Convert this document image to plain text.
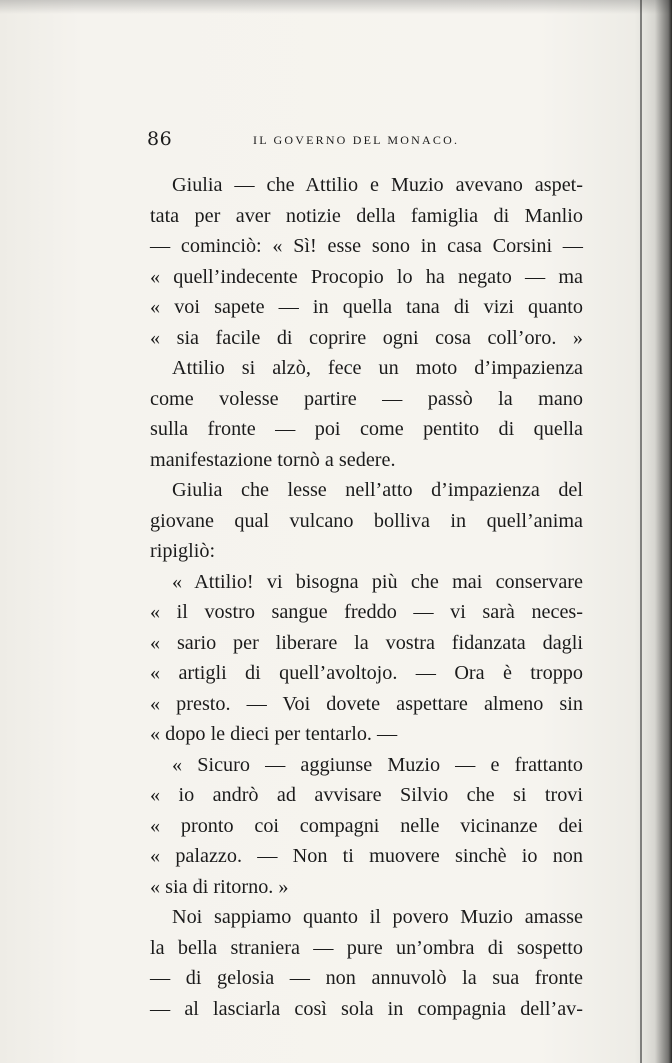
86	IL GOVERNO DEL MONACO.
Giulia — che Attilio e Muzio avevano aspet-
tata per aver notizie della famiglia di Manlio
— cominciò: « Sì! esse sono in casa Corsini —
« quell’indecente Procopio lo ha negato — ma
« voi sapete — in quella tana di vizi quanto
« sia facile di coprire ogni cosa coll’oro. »
Attilio si alzò, fece un moto d’impazienza
come volesse partire — passò la mano
sulla fronte — poi come pentito di quella
manifestazione tornò a sedere.
Giulia che lesse nell’atto d’impazienza del
giovane qual vulcano bolliva in quell’anima
ripigliò:
« Attilio! vi bisogna più che mai conservare
« il vostro sangue freddo — vi sarà neces-
« sario per liberare la vostra fidanzata dagli
« artigli di quell’avoltojo. — Ora è troppo
« presto. — Voi dovete aspettare almeno sin
« dopo le dieci per tentarlo. —
« Sicuro — aggiunse Muzio — e frattanto
« io andrò ad avvisare Silvio che si trovi
« pronto coi compagni nelle vicinanze dei
« palazzo. — Non ti muovere sinchè io non
« sia di ritorno. »
Noi sappiamo quanto il povero Muzio amasse
la bella straniera — pure un’ombra di sospetto
— di gelosia — non annuvolò la sua fronte
— al lasciarla così sola in compagnia dell’av-
